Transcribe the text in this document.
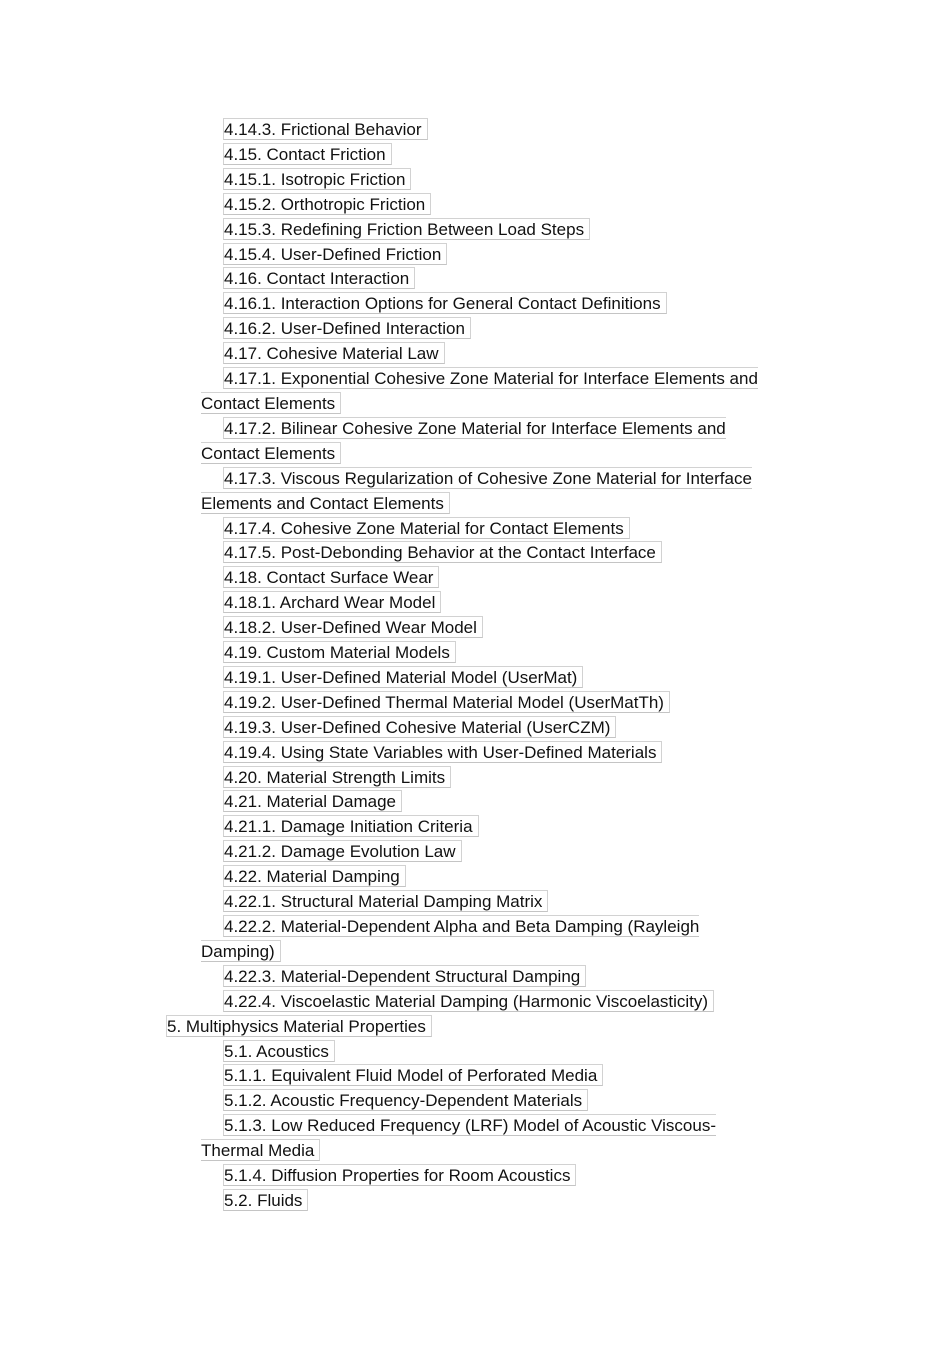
4.14.3. Frictional Behavior
4.15. Contact Friction
4.15.1. Isotropic Friction
4.15.2. Orthotropic Friction
4.15.3. Redefining Friction Between Load Steps
4.15.4. User-Defined Friction
4.16. Contact Interaction
4.16.1. Interaction Options for General Contact Definitions
4.16.2. User-Defined Interaction
4.17. Cohesive Material Law
4.17.1. Exponential Cohesive Zone Material for Interface Elements and Contact Elements
4.17.2. Bilinear Cohesive Zone Material for Interface Elements and Contact Elements
4.17.3. Viscous Regularization of Cohesive Zone Material for Interface Elements and Contact Elements
4.17.4. Cohesive Zone Material for Contact Elements
4.17.5. Post-Debonding Behavior at the Contact Interface
4.18. Contact Surface Wear
4.18.1. Archard Wear Model
4.18.2. User-Defined Wear Model
4.19. Custom Material Models
4.19.1. User-Defined Material Model (UserMat)
4.19.2. User-Defined Thermal Material Model (UserMatTh)
4.19.3. User-Defined Cohesive Material (UserCZM)
4.19.4. Using State Variables with User-Defined Materials
4.20. Material Strength Limits
4.21. Material Damage
4.21.1. Damage Initiation Criteria
4.21.2. Damage Evolution Law
4.22. Material Damping
4.22.1. Structural Material Damping Matrix
4.22.2. Material-Dependent Alpha and Beta Damping (Rayleigh Damping)
4.22.3. Material-Dependent Structural Damping
4.22.4. Viscoelastic Material Damping (Harmonic Viscoelasticity)
5. Multiphysics Material Properties
5.1. Acoustics
5.1.1. Equivalent Fluid Model of Perforated Media
5.1.2. Acoustic Frequency-Dependent Materials
5.1.3. Low Reduced Frequency (LRF) Model of Acoustic Viscous-Thermal Media
5.1.4. Diffusion Properties for Room Acoustics
5.2. Fluids
